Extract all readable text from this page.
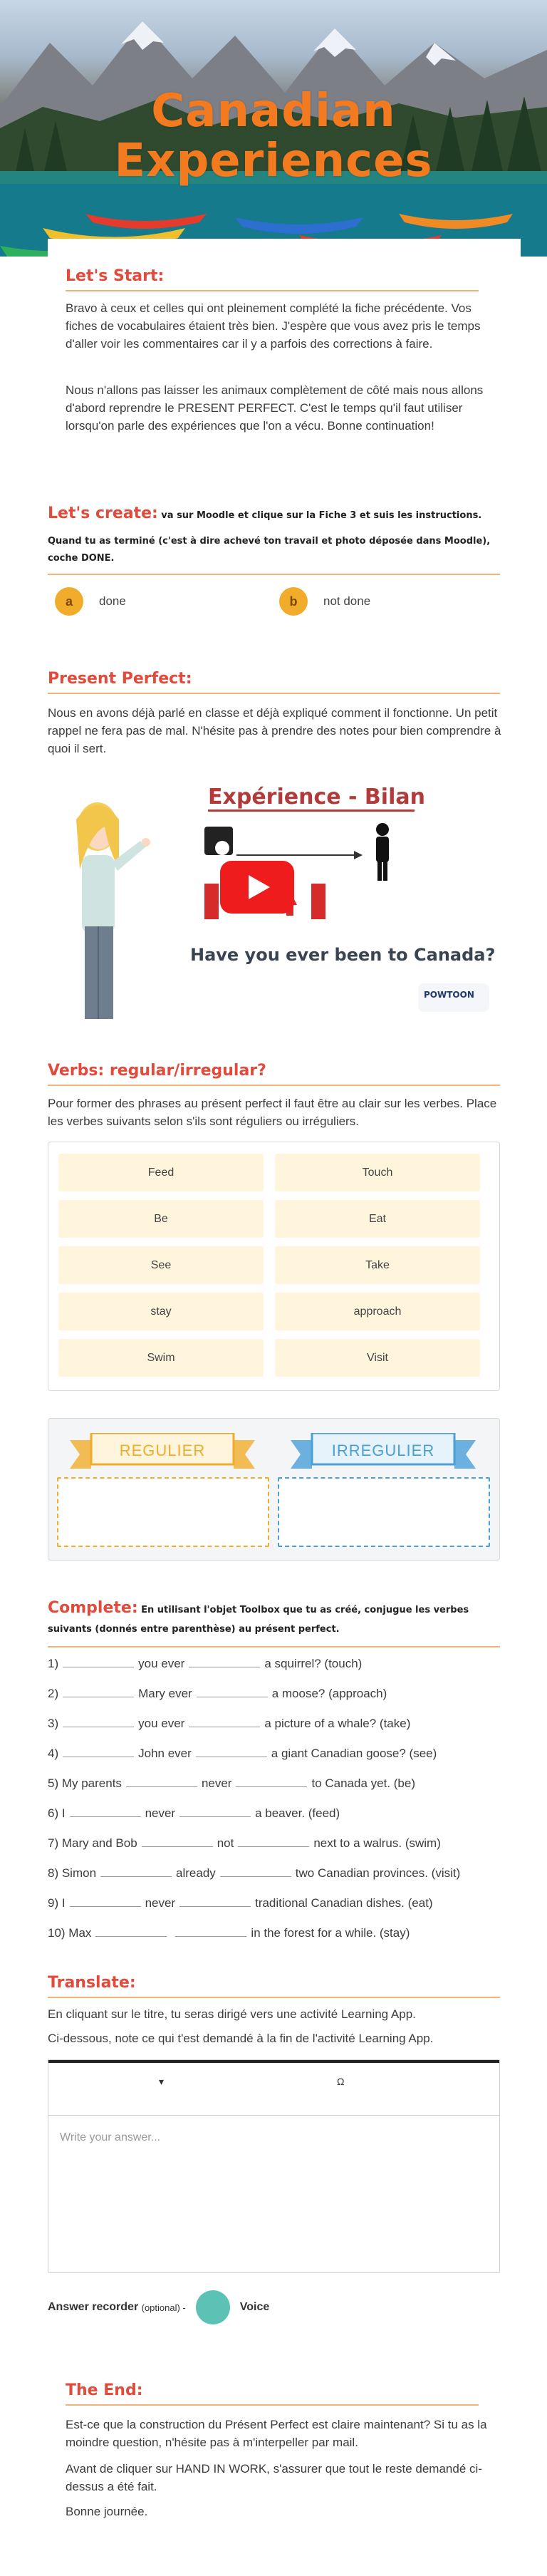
Canadian
Experiences
Let's Start:

Bravo à ceux et celles qui ont pleinement complété la fiche précédente. Vos fiches de vocabulaires étaient très bien. J'espère que vous avez pris le temps d'aller voir les commentaires car il y a parfois des corrections à faire.

Nous n'allons pas laisser les animaux complètement de côté mais nous allons d'abord reprendre le PRESENT PERFECT. C'est le temps qu'il faut utiliser lorsqu'on parle des expériences que l'on a vécu. Bonne continuation!

Let's create: va sur Moodle et clique sur la Fiche 3 et suis les instructions.
Quand tu as terminé (c'est à dire achevé ton travail et photo déposée dans Moodle), coche DONE.
a	done	b	not done
Present Perfect:

Nous en avons déjà parlé en classe et déjà expliqué comment il fonctionne. Un petit rappel ne fera pas de mal. N'hésite pas à prendre des notes pour bien comprendre à quoi il sert.

Expérience - Bilan
Have you ever been to Canada?
POWTOON
Verbs: regular/irregular?

Pour former des phrases au présent perfect il faut être au clair sur les verbes. Place les verbes suivants selon s'ils sont réguliers ou irréguliers.

Feed	Touch
Be	Eat
See	Take
stay	approach
Swim	Visit
REGULIER	IRREGULIER
Complete: En utilisant l'objet Toolbox que tu as créé, conjugue les verbes suivants (donnés entre parenthèse) au présent perfect.
1)	you ever	a squirrel? (touch)
2)	Mary ever	a moose? (approach)
3)	you ever	a picture of a whale? (take)
4)	John ever	a giant Canadian goose? (see)
5) My parents	never	to Canada yet. (be)
6) I	never	a beaver. (feed)
7) Mary and Bob	not	next to a walrus. (swim)
8) Simon	already	two Canadian provinces. (visit)
9) I	never	traditional Canadian dishes. (eat)
10) Max	in the forest for a while. (stay)
Translate:

En cliquant sur le titre, tu seras dirigé vers une activité Learning App.

Ci-dessous, note ce qui t'est demandé à la fin de l'activité Learning App.

▾	Ω
Write your answer...
Answer recorder
(optional) -	Voice
The End:

Est-ce que la construction du Présent Perfect est claire maintenant? Si tu as la moindre question, n'hésite pas à m'interpeller par mail.

Avant de cliquer sur HAND IN WORK, s'assurer que tout le reste demandé ci-dessus a été fait.

Bonne journée.
